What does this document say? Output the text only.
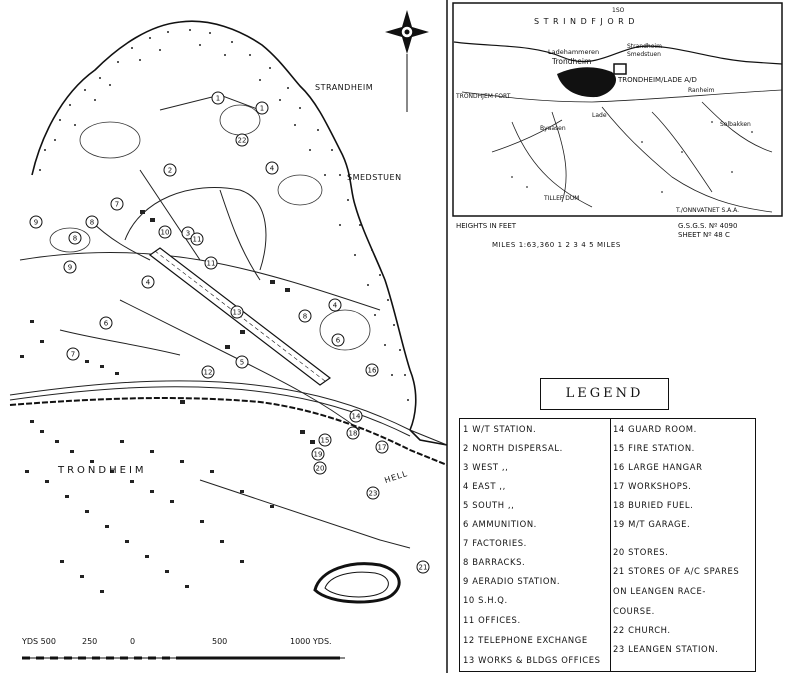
STRANDHEIM
SMEDSTUEN
TRONDHEIM	HELL
1
1
2
3
4
4
4
5
6
6
7
7
8
8
8
9
9
10
11
11
12
13
14
15
16
17
18
19
20
21
22
23
YDS 500	250	0	500	1000 YDS.
S T R I N D F J O R D
1SO
Ladehammeren
Trondheim
Strandheim
Smedstuen
TRONDHEIM/LADE A/D
TRONDHJEM FORT
Byaasen
Lade
Ranheim
Solbakken
TILLEF DUM
T./ONNVATNET S.A.A.
HEIGHTS IN FEET	G.S.G.S. Nº 4090
SHEET Nº 48 C
MILES 1:63,360 1 2 3 4 5 MILES
LEGEND
1 W/T STATION.
2 NORTH DISPERSAL.
3 WEST ,,
4 EAST ,,
5 SOUTH ,,
6 AMMUNITION.
7 FACTORIES.
8 BARRACKS.
9 AERADIO STATION.
10 S.H.Q.
11 OFFICES.
12 TELEPHONE EXCHANGE
13 WORKS & BLDGS OFFICES
14 GUARD ROOM.
15 FIRE STATION.
16 LARGE HANGAR
17 WORKSHOPS.
18 BURIED FUEL.
19 M/T GARAGE.
20 STORES.
21 STORES OF A/C SPARES
ON LEANGEN RACE-
COURSE.
22 CHURCH.
23 LEANGEN STATION.
